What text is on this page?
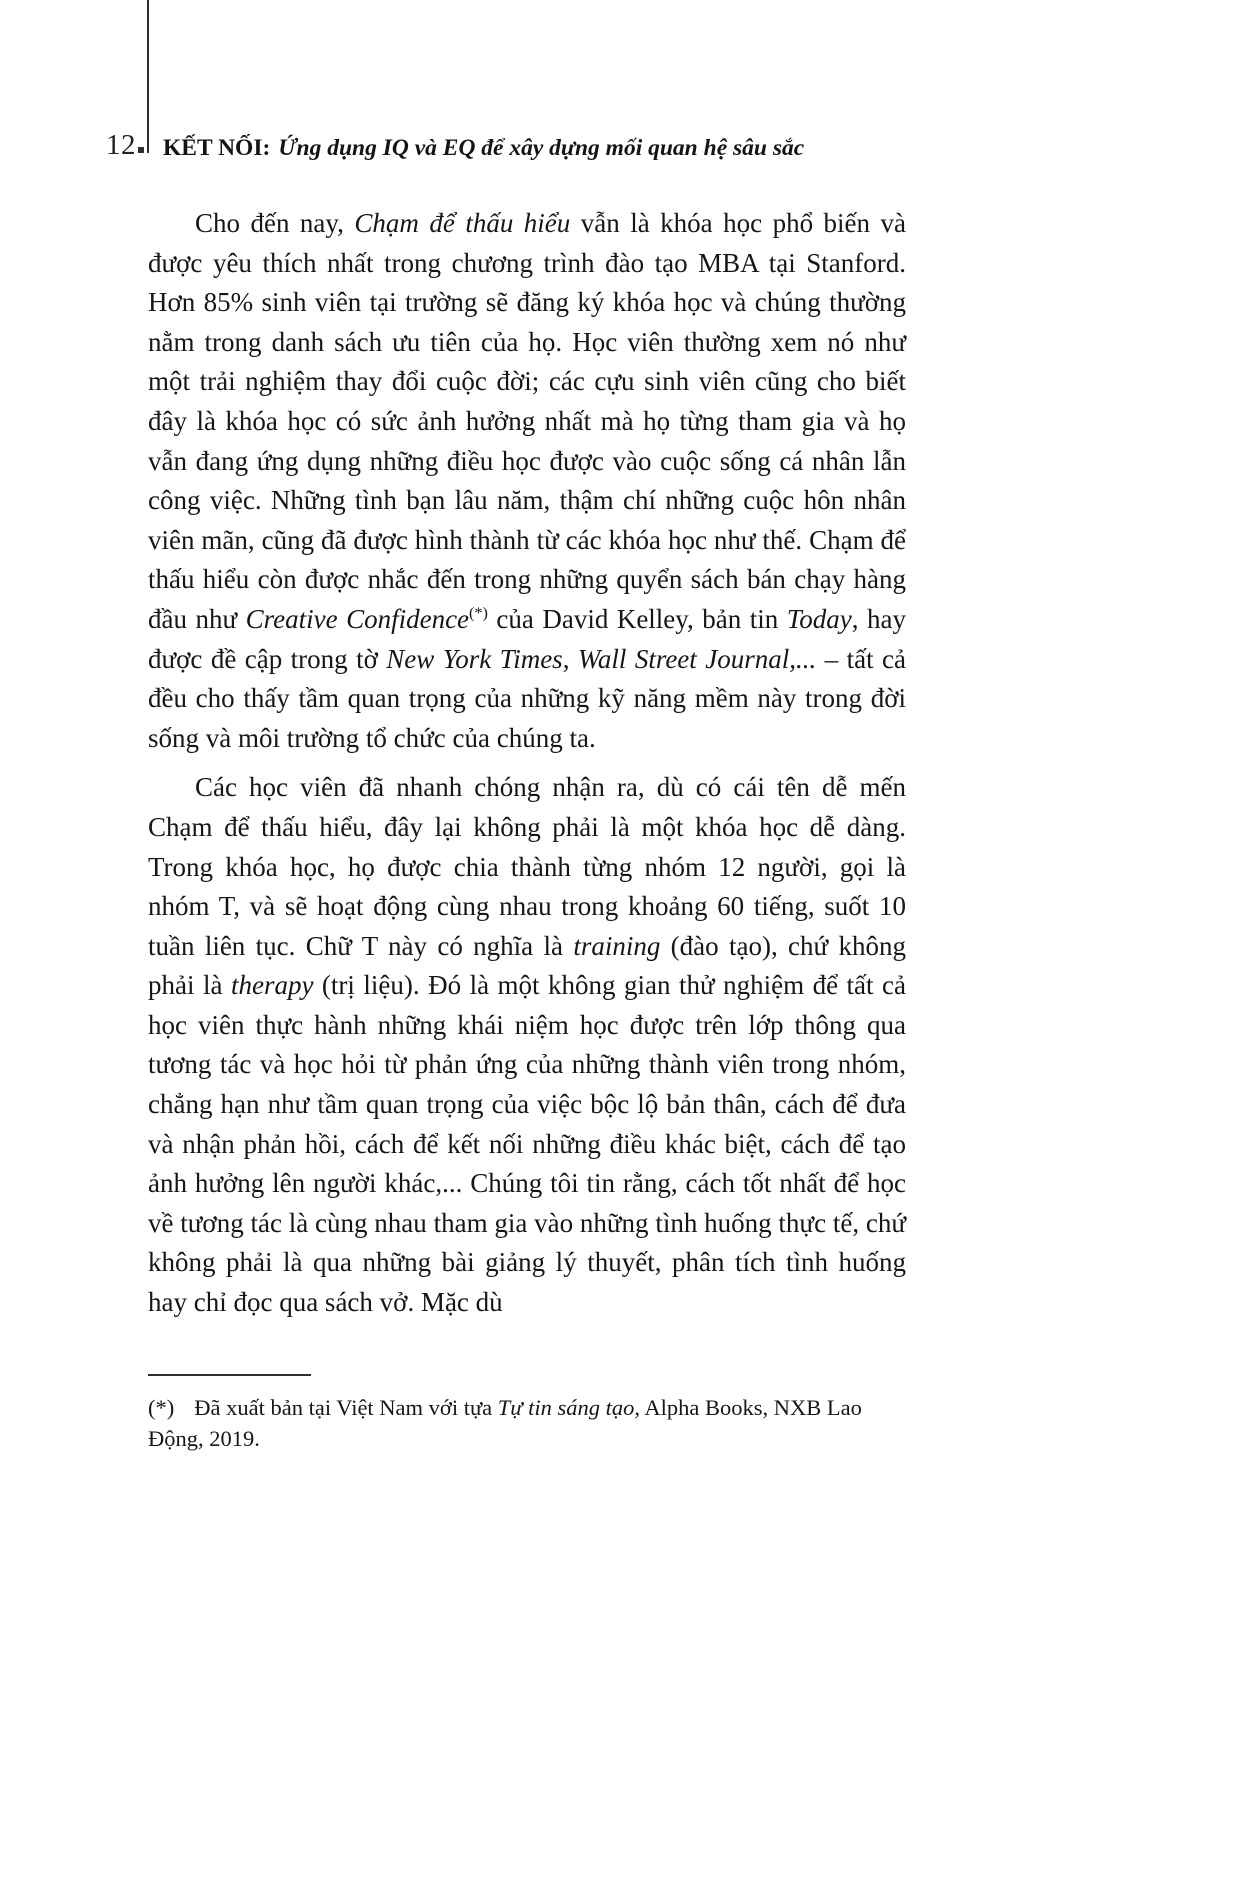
12 KẾT NỐI: Ứng dụng IQ và EQ để xây dựng mối quan hệ sâu sắc

Cho đến nay, Chạm để thấu hiểu vẫn là khóa học phổ biến và được yêu thích nhất trong chương trình đào tạo MBA tại Stanford. Hơn 85% sinh viên tại trường sẽ đăng ký khóa học và chúng thường nằm trong danh sách ưu tiên của họ. Học viên thường xem nó như một trải nghiệm thay đổi cuộc đời; các cựu sinh viên cũng cho biết đây là khóa học có sức ảnh hưởng nhất mà họ từng tham gia và họ vẫn đang ứng dụng những điều học được vào cuộc sống cá nhân lẫn công việc. Những tình bạn lâu năm, thậm chí những cuộc hôn nhân viên mãn, cũng đã được hình thành từ các khóa học như thế. Chạm để thấu hiểu còn được nhắc đến trong những quyển sách bán chạy hàng đầu như Creative Confidence(*) của David Kelley, bản tin Today, hay được đề cập trong tờ New York Times, Wall Street Journal,... – tất cả đều cho thấy tầm quan trọng của những kỹ năng mềm này trong đời sống và môi trường tổ chức của chúng ta.

Các học viên đã nhanh chóng nhận ra, dù có cái tên dễ mến Chạm để thấu hiểu, đây lại không phải là một khóa học dễ dàng. Trong khóa học, họ được chia thành từng nhóm 12 người, gọi là nhóm T, và sẽ hoạt động cùng nhau trong khoảng 60 tiếng, suốt 10 tuần liên tục. Chữ T này có nghĩa là training (đào tạo), chứ không phải là therapy (trị liệu). Đó là một không gian thử nghiệm để tất cả học viên thực hành những khái niệm học được trên lớp thông qua tương tác và học hỏi từ phản ứng của những thành viên trong nhóm, chẳng hạn như tầm quan trọng của việc bộc lộ bản thân, cách để đưa và nhận phản hồi, cách để kết nối những điều khác biệt, cách để tạo ảnh hưởng lên người khác,... Chúng tôi tin rằng, cách tốt nhất để học về tương tác là cùng nhau tham gia vào những tình huống thực tế, chứ không phải là qua những bài giảng lý thuyết, phân tích tình huống hay chỉ đọc qua sách vở. Mặc dù

(*) Đã xuất bản tại Việt Nam với tựa Tự tin sáng tạo, Alpha Books, NXB Lao Động, 2019.
